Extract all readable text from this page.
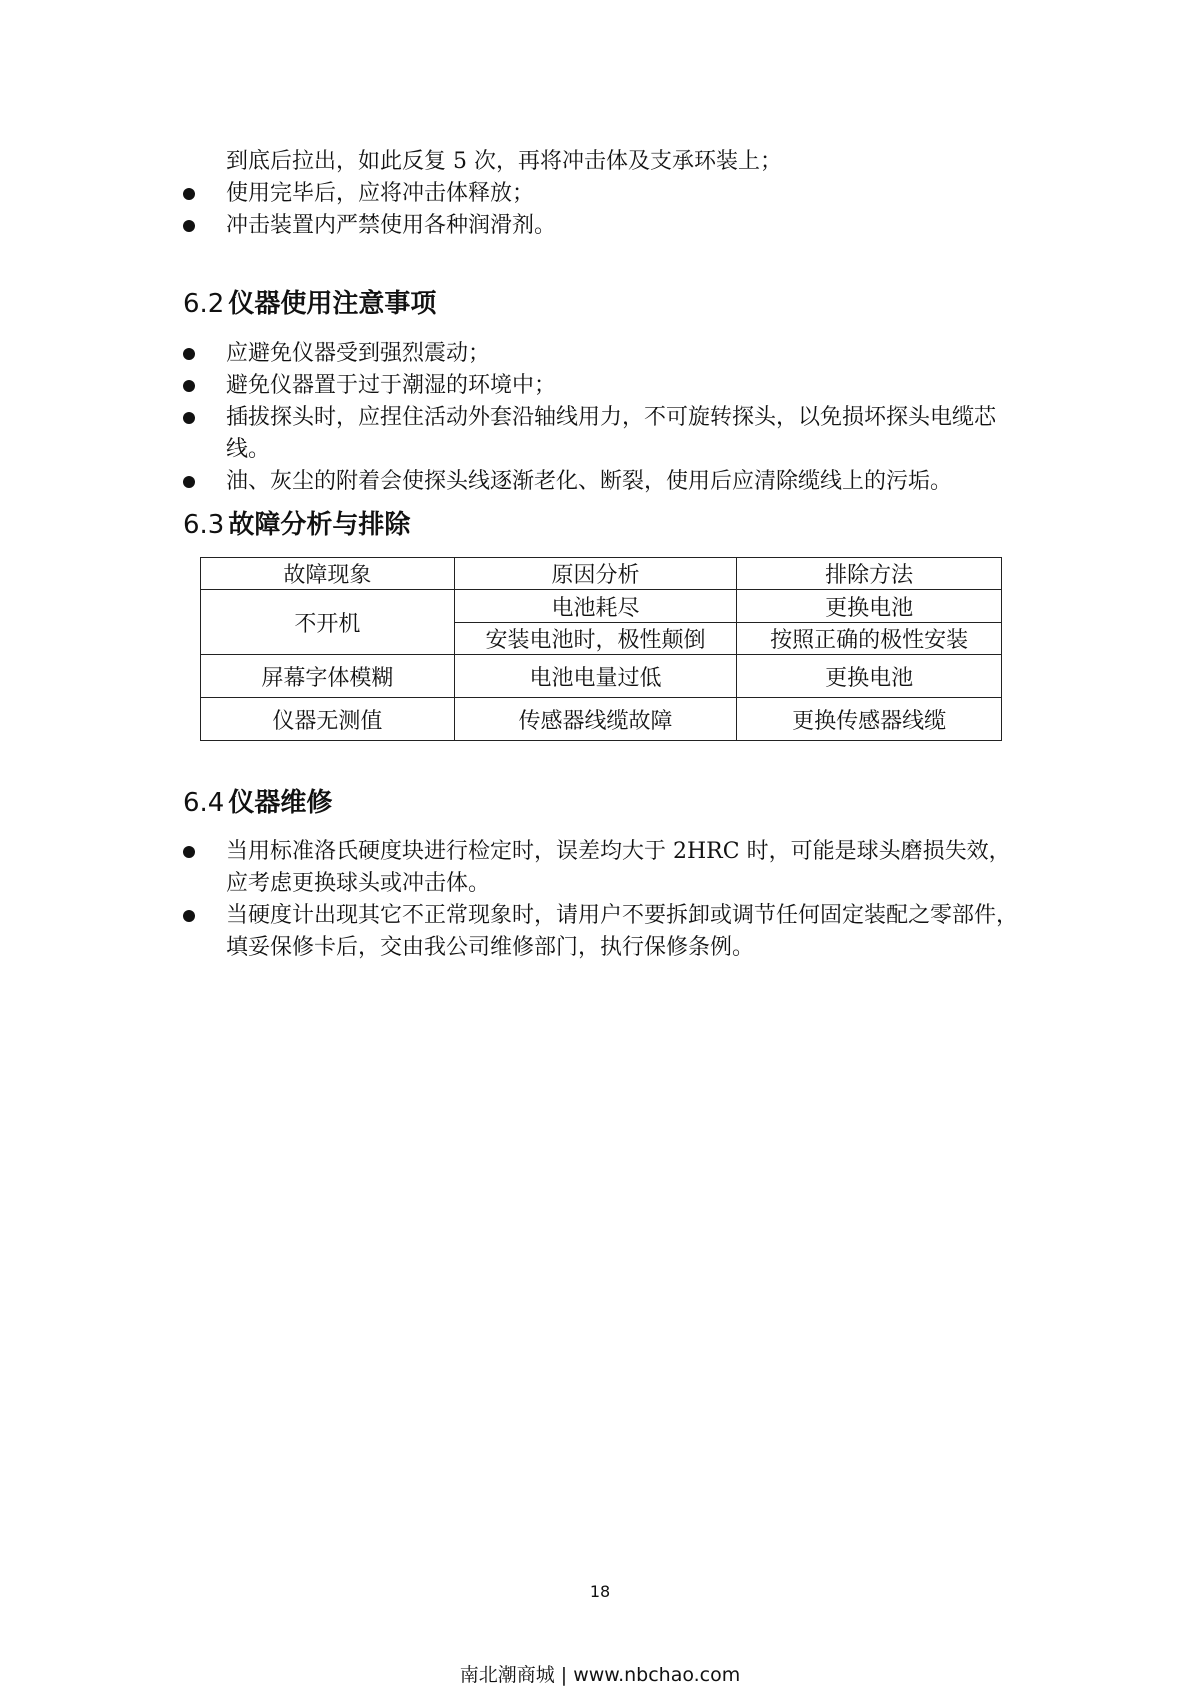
到底后拉出，如此反复 5 次，再将冲击体及支承环装上；
使用完毕后，应将冲击体释放；
冲击装置内严禁使用各种润滑剂。
6.2 仪器使用注意事项
应避免仪器受到强烈震动；
避免仪器置于过于潮湿的环境中；
插拔探头时，应捏住活动外套沿轴线用力，不可旋转探头，以免损坏探头电缆芯线。
油、灰尘的附着会使探头线逐渐老化、断裂，使用后应清除缆线上的污垢。
6.3 故障分析与排除
故障现象	原因分析	排除方法
不开机	电池耗尽	更换电池
	安装电池时，极性颠倒	按照正确的极性安装
屏幕字体模糊	电池电量过低	更换电池
仪器无测值	传感器线缆故障	更换传感器线缆
6.4 仪器维修
当用标准洛氏硬度块进行检定时，误差均大于 2HRC 时，可能是球头磨损失效，应考虑更换球头或冲击体。
当硬度计出现其它不正常现象时，请用户不要拆卸或调节任何固定装配之零部件，填妥保修卡后，交由我公司维修部门，执行保修条例。
18
南北潮商城 | www.nbchao.com
